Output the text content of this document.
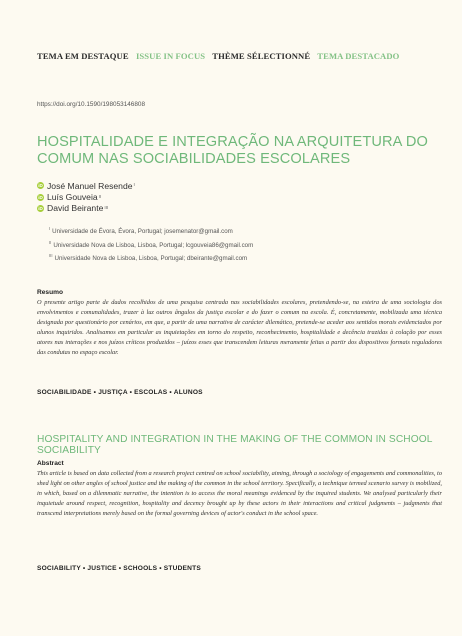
TEMA EM DESTAQUE ISSUE IN FOCUS THÈME SÉLECTIONNÉ TEMA DESTACADO
https://doi.org/10.1590/198053146808
HOSPITALIDADE E INTEGRAÇÃO NA ARQUITETURA DO COMUM NAS SOCIABILIDADES ESCOLARES
iD José Manuel Resende I
iD Luís Gouveia II
iD David Beirante III
$^I$ Universidade de Évora, Évora, Portugal; josemenator@gmail.com
$^{II}$ Universidade Nova de Lisboa, Lisboa, Portugal; lcgouveia86@gmail.com
$^{III}$ Universidade Nova de Lisboa, Lisboa, Portugal; dbeirante@gmail.com
Resumo
O presente artigo parte de dados recolhidos de uma pesquisa centrada nas sociabilidades escolares, pretendendo-se, na esteira de uma sociologia dos envolvimentos e comunalidades, trazer à luz outros ângulos da justiça escolar e do fazer o comum na escola. É, concretamente, mobilizada uma técnica designada por questionário por cenários, em que, a partir de uma narrativa de carácter dilemático, pretende-se aceder aos sentidos morais evidenciados por alunos inquiridos. Analisamos em particular as inquietações em torno do respeito, reconhecimento, hospitalidade e decência trazidas à colação por esses atores nas interações e nos juízos críticos produzidos – juízos esses que transcendem leituras meramente feitas a partir dos dispositivos formais reguladores das condutas no espaço escolar.
SOCIABILIDADE • JUSTIÇA • ESCOLAS • ALUNOS
HOSPITALITY AND INTEGRATION IN THE MAKING OF THE COMMON IN SCHOOL SOCIABILITY
Abstract
This article is based on data collected from a research project centred on school sociability, aiming, through a sociology of engagements and commonalities, to shed light on other angles of school justice and the making of the common in the school territory. Specifically, a technique termed scenario survey is mobilized, in which, based on a dilemmatic narrative, the intention is to access the moral meanings evidenced by the inquired students. We analysed particularly their inquietude around respect, recognition, hospitality and decency brought up by these actors in their interactions and critical judgments – judgments that transcend interpretations merely based on the formal governing devices of actor's conduct in the school space.
SOCIABILITY • JUSTICE • SCHOOLS • STUDENTS
